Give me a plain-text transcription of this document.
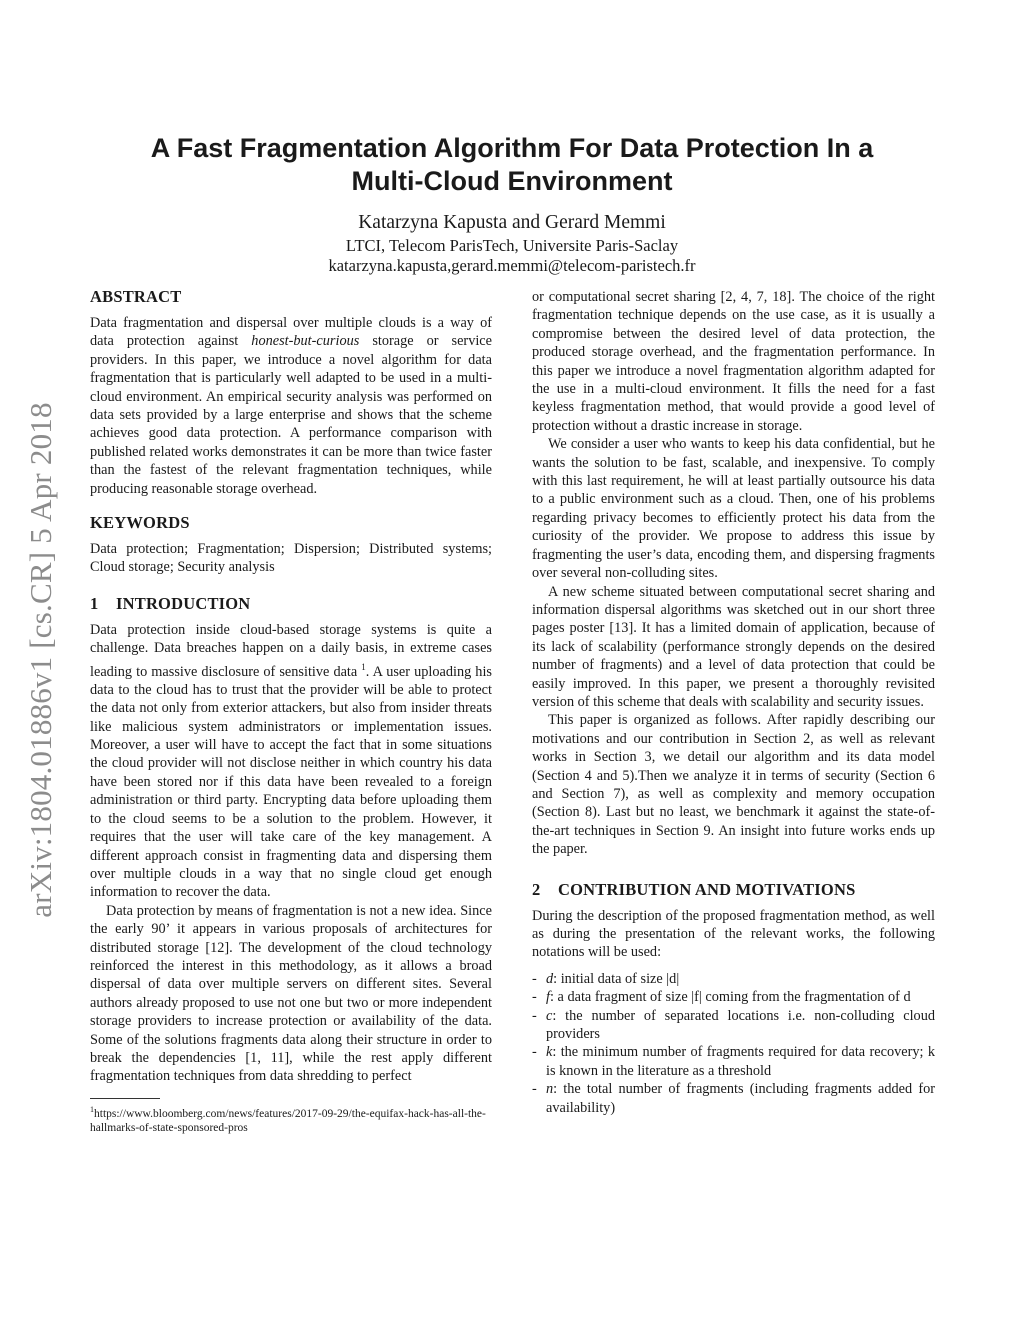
arXiv:1804.01886v1 [cs.CR] 5 Apr 2018
A Fast Fragmentation Algorithm For Data Protection In a
Multi-Cloud Environment
Katarzyna Kapusta and Gerard Memmi
LTCI, Telecom ParisTech, Universite Paris-Saclay
katarzyna.kapusta,gerard.memmi@telecom-paristech.fr
ABSTRACT

Data fragmentation and dispersal over multiple clouds is a way of data protection against honest-but-curious storage or service providers. In this paper, we introduce a novel algorithm for data fragmentation that is particularly well adapted to be used in a multi-cloud environment. An empirical security analysis was performed on data sets provided by a large enterprise and shows that the scheme achieves good data protection. A performance comparison with published related works demonstrates it can be more than twice faster than the fastest of the relevant fragmentation techniques, while producing reasonable storage overhead.

KEYWORDS

Data protection; Fragmentation; Dispersion; Distributed systems; Cloud storage; Security analysis

1 INTRODUCTION

Data protection inside cloud-based storage systems is quite a challenge. Data breaches happen on a daily basis, in extreme cases leading to massive disclosure of sensitive data $^1$. A user uploading his data to the cloud has to trust that the provider will be able to protect the data not only from exterior attackers, but also from insider threats like malicious system administrators or implementation issues. Moreover, a user will have to accept the fact that in some situations the cloud provider will not disclose neither in which country his data have been stored nor if this data have been revealed to a foreign administration or third party. Encrypting data before uploading them to the cloud seems to be a solution to the problem. However, it requires that the user will take care of the key management. A different approach consist in fragmenting data and dispersing them over multiple clouds in a way that no single cloud get enough information to recover the data.

Data protection by means of fragmentation is not a new idea. Since the early 90’ it appears in various proposals of architectures for distributed storage [12]. The development of the cloud technology reinforced the interest in this methodology, as it allows a broad dispersal of data over multiple servers on different sites. Several authors already proposed to use not one but two or more independent storage providers to increase protection or availability of the data. Some of the solutions fragments data along their structure in order to break the dependencies [1, 11], while the rest apply different fragmentation techniques from data shredding to perfect

$^1$https://www.bloomberg.com/news/features/2017-09-29/the-equifax-hack-has-all-the-hallmarks-of-state-sponsored-pros

or computational secret sharing [2, 4, 7, 18]. The choice of the right fragmentation technique depends on the use case, as it is usually a compromise between the desired level of data protection, the produced storage overhead, and the fragmentation performance. In this paper we introduce a novel fragmentation algorithm adapted for the use in a multi-cloud environment. It fills the need for a fast keyless fragmentation method, that would provide a good level of protection without a drastic increase in storage.

We consider a user who wants to keep his data confidential, but he wants the solution to be fast, scalable, and inexpensive. To comply with this last requirement, he will at least partially outsource his data to a public environment such as a cloud. Then, one of his problems regarding privacy becomes to efficiently protect his data from the curiosity of the provider. We propose to address this issue by fragmenting the user’s data, encoding them, and dispersing fragments over several non-colluding sites.

A new scheme situated between computational secret sharing and information dispersal algorithms was sketched out in our short three pages poster [13]. It has a limited domain of application, because of its lack of scalability (performance strongly depends on the desired number of fragments) and a level of data protection that could be easily improved. In this paper, we present a thoroughly revisited version of this scheme that deals with scalability and security issues.

This paper is organized as follows. After rapidly describing our motivations and our contribution in Section 2, as well as relevant works in Section 3, we detail our algorithm and its data model (Section 4 and 5).Then we analyze it in terms of security (Section 6 and Section 7), as well as complexity and memory occupation (Section 8). Last but no least, we benchmark it against the state-of-the-art techniques in Section 9. An insight into future works ends up the paper.

2 CONTRIBUTION AND MOTIVATIONS

During the description of the proposed fragmentation method, as well as during the presentation of the relevant works, the following notations will be used:

- d: initial data of size |d|
- f: a data fragment of size |f| coming from the fragmentation of d
- c: the number of separated locations i.e. non-colluding cloud providers
- k: the minimum number of fragments required for data recovery; k is known in the literature as a threshold
- n: the total number of fragments (including fragments added for availability)
